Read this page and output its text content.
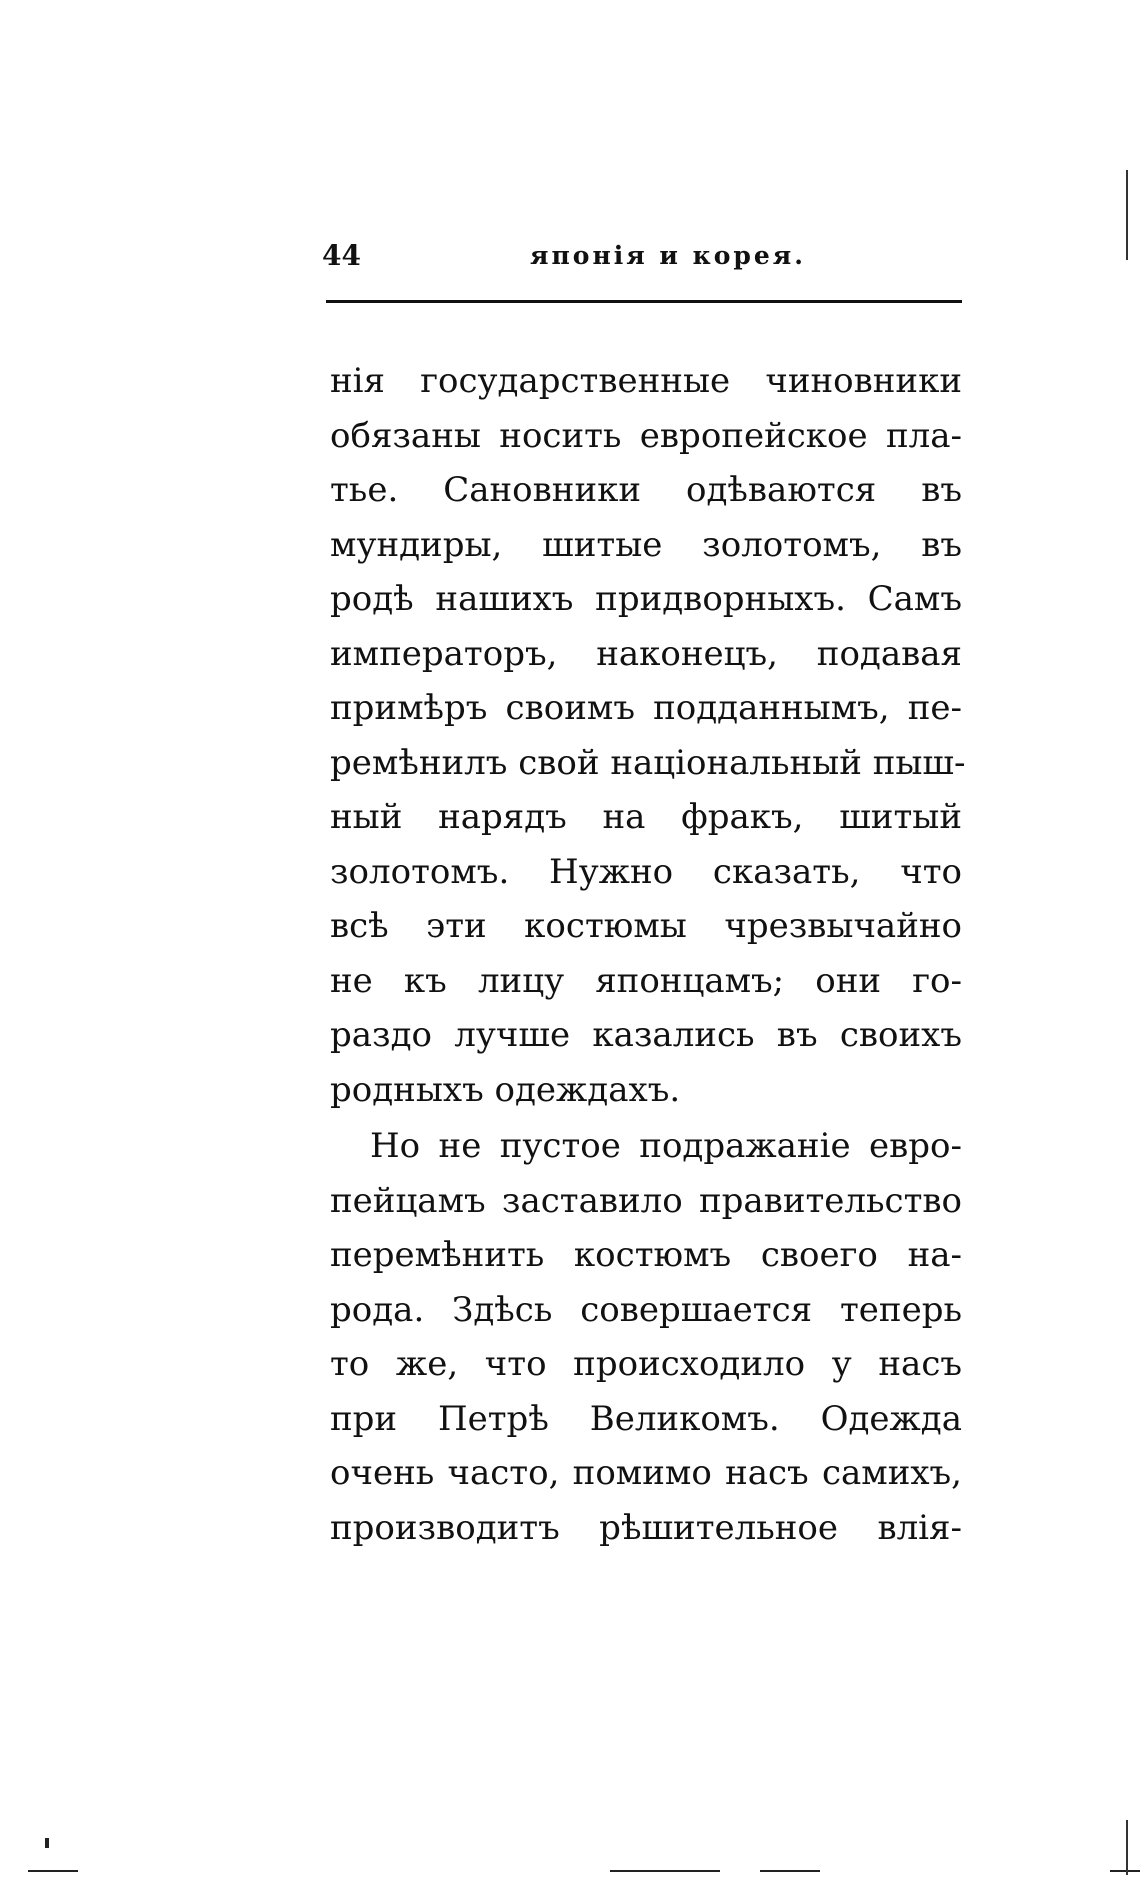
44	японія и корея.
нія государственные чиновники
обязаны носить европейское пла-
тье. Сановники одѣваются въ
мундиры, шитые золотомъ, въ
родѣ нашихъ придворныхъ. Самъ
императоръ, наконецъ, подавая
примѣръ своимъ подданнымъ, пе-
ремѣнилъ свой національный пыш-
ный нарядъ на фракъ, шитый
золотомъ. Нужно сказать, что
всѣ эти костюмы чрезвычайно
не къ лицу японцамъ; они го-
раздо лучше казались въ своихъ
родныхъ одеждахъ.
Но не пустое подражаніе евро-
пейцамъ заставило правительство
перемѣнить костюмъ своего на-
рода. Здѣсь совершается теперь
то же, что происходило у насъ
при Петрѣ Великомъ. Одежда
очень часто, помимо насъ самихъ,
производитъ рѣшительное влія-
